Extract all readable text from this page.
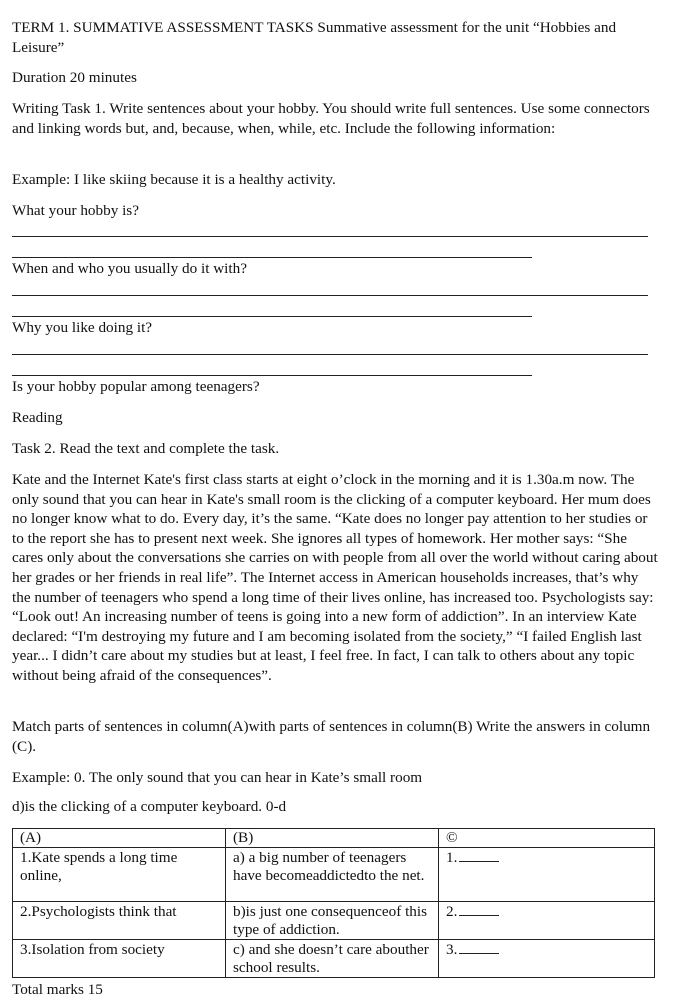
TERM 1. SUMMATIVE ASSESSMENT TASKS Summative assessment for the unit “Hobbies and Leisure”

Duration 20 minutes

Writing Task 1. Write sentences about your hobby. You should write full sentences. Use some connectors and linking words but, and, because, when, while, etc. Include the following information:

Example: I like skiing because it is a healthy activity.

What your hobby is?

When and who you usually do it with?

Why you like doing it?

Is your hobby popular among teenagers?

Reading

Task 2. Read the text and complete the task.

Kate and the Internet Kate's first class starts at eight o’clock in the morning and it is 1.30a.m now. The only sound that you can hear in Kate's small room is the clicking of a computer keyboard. Her mum does no longer know what to do. Every day, it’s the same. “Kate does no longer pay attention to her studies or to the report she has to present next week. She ignores all types of homework. Her mother says: “She cares only about the conversations she carries on with people from all over the world without caring about her grades or her friends in real life”. The Internet access in American households increases, that’s why the number of teenagers who spend a long time of their lives online, has increased too. Psychologists say: “Look out! An increasing number of teens is going into a new form of addiction”. In an interview Kate declared: “I'm destroying my future and I am becoming isolated from the society,” “I failed English last year... I didn’t care about my studies but at least, I feel free. In fact, I can talk to others about any topic without being afraid of the consequences”.

Match parts of sentences in column(A)with parts of sentences in column(B) Write the answers in column (C).

Example: 0. The only sound that you can hear in Kate’s small room

d)is the clicking of a computer keyboard. 0-d

(A)	(B)	©
1.Kate spends a long time online,	a) a big number of teenagers have becomeaddictedto the net.	1.
2.Psychologists think that	b)is just one consequenceof this type of addiction.	2.
3.Isolation from society	c) and she doesn’t care abouther school results.	3.

Total marks 15
